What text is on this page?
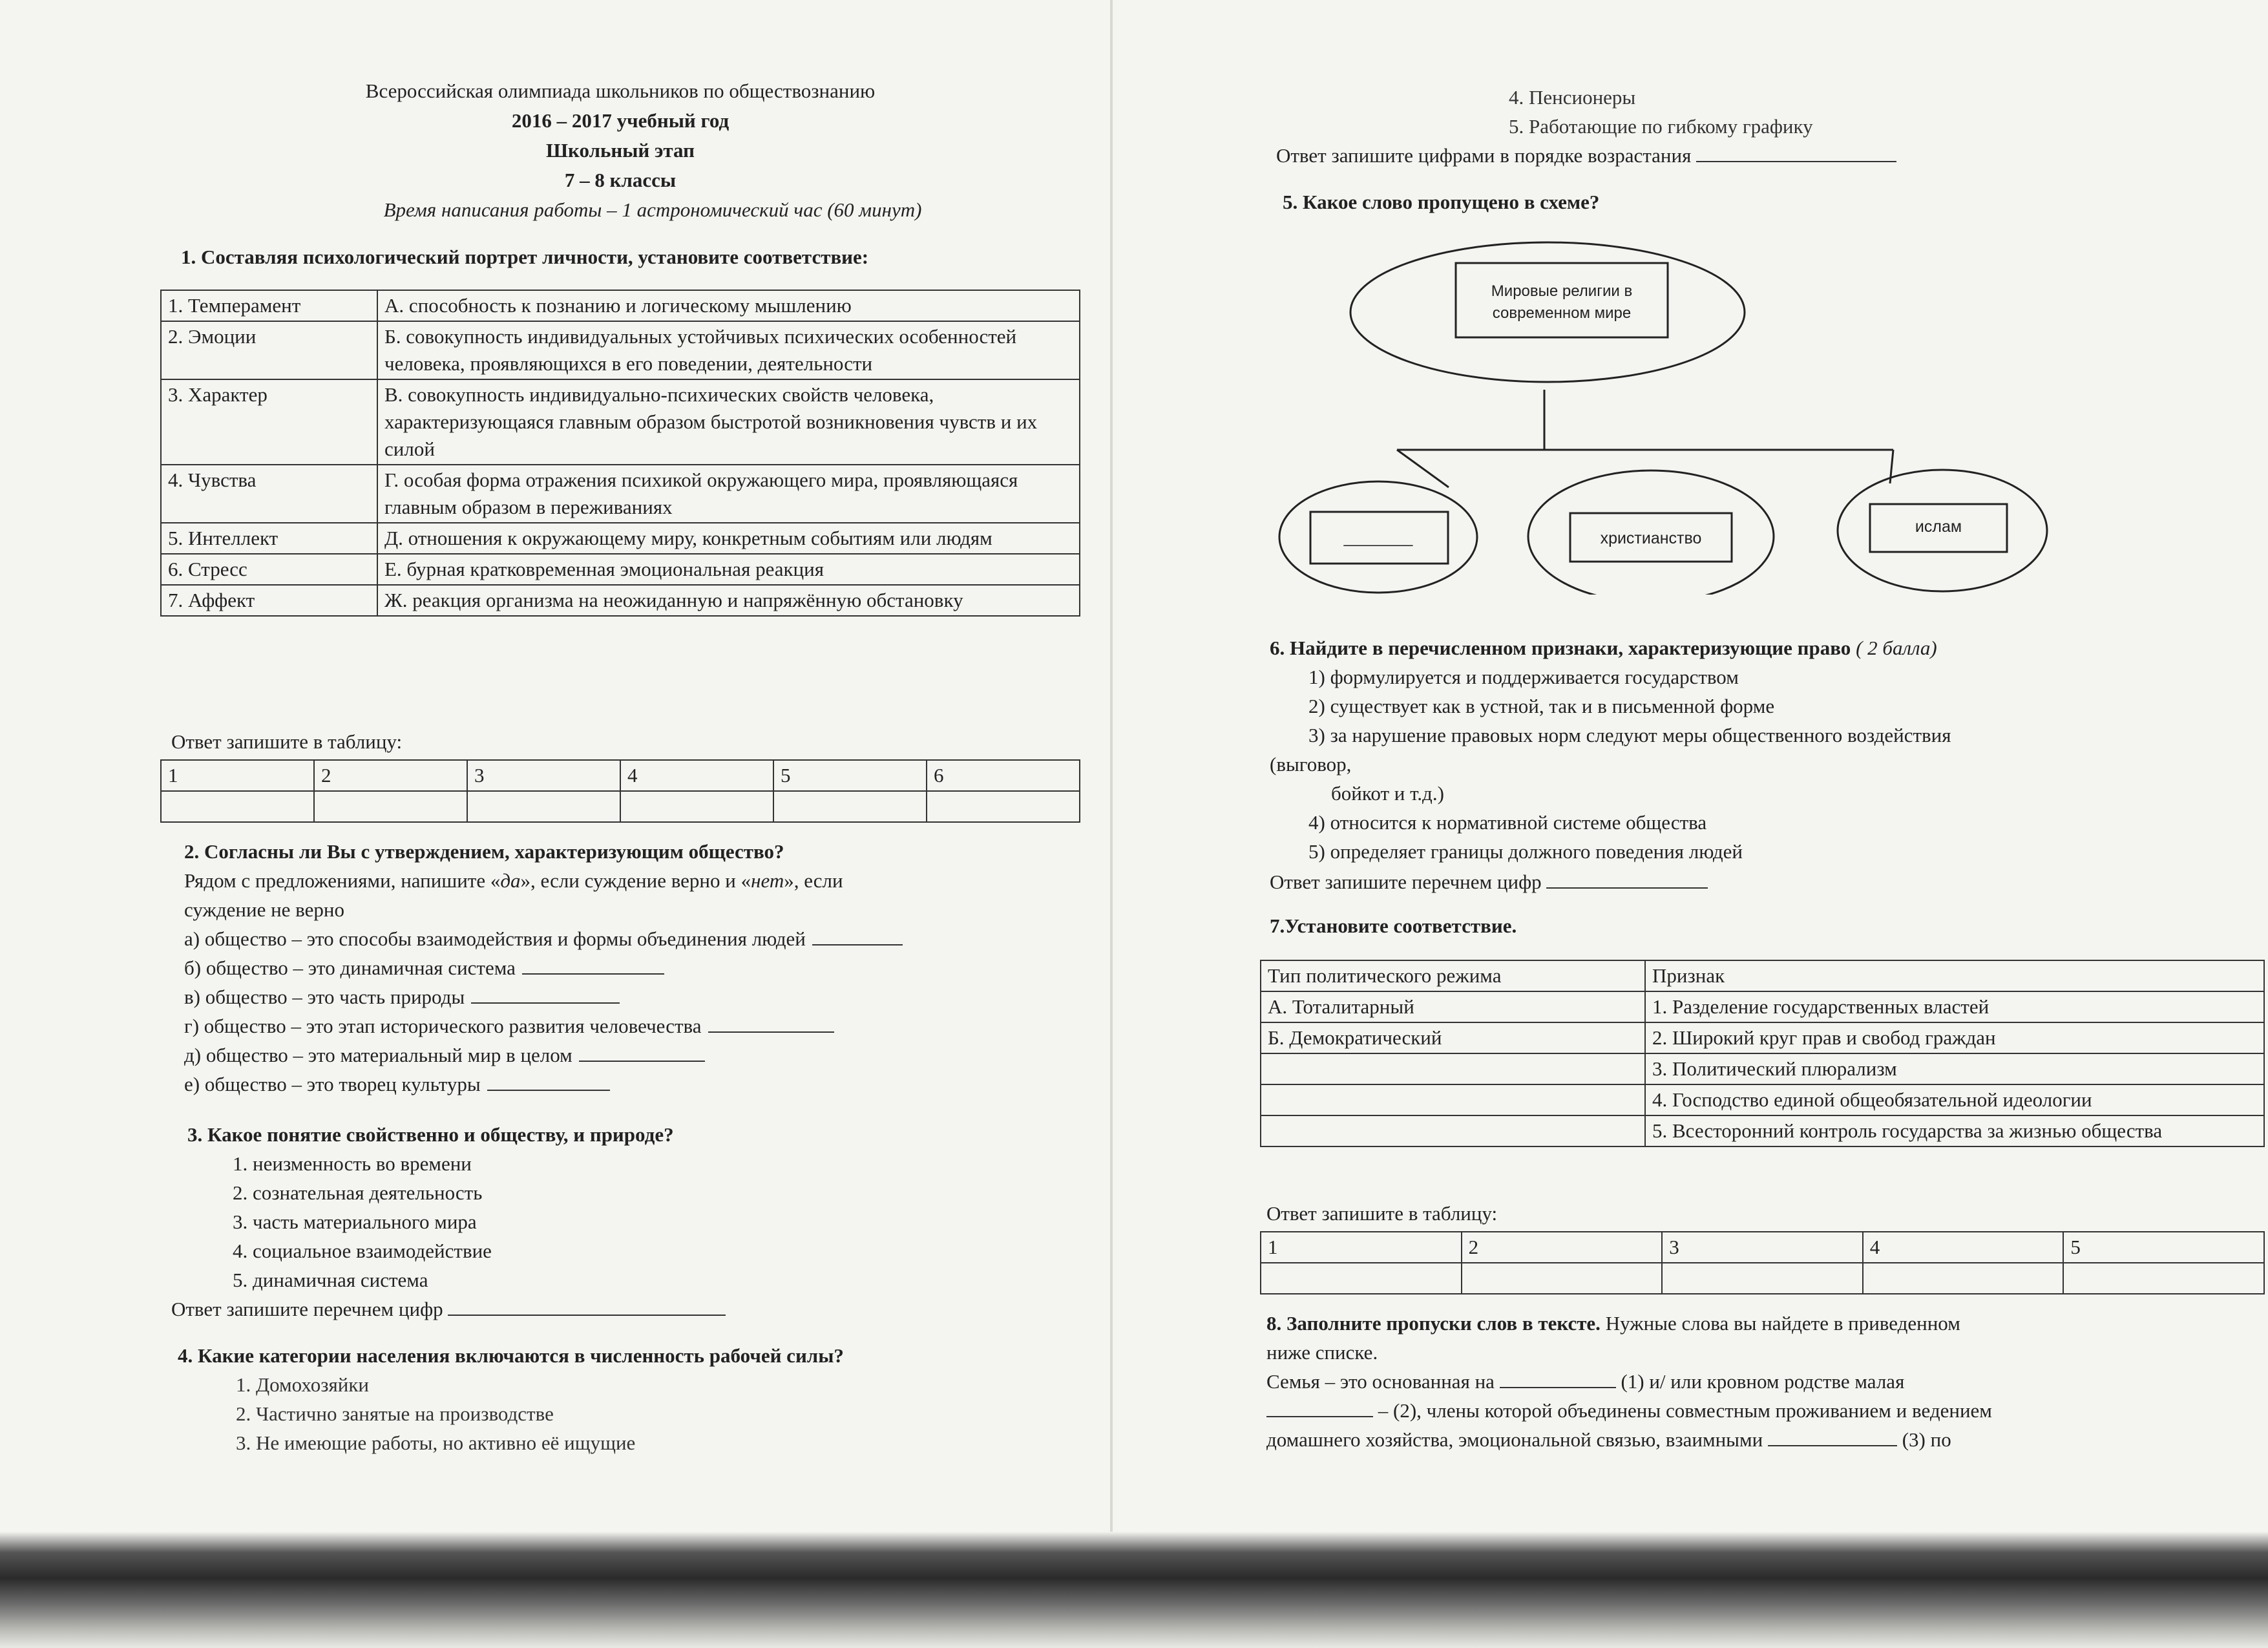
Всероссийская олимпиада школьников по обществознанию
2016 – 2017 учебный год
Школьный этап
7 – 8 классы
Время написания работы – 1 астрономический час (60 минут)
1. Составляя психологический портрет личности, установите соответствие:
1. Темперамент	А. способность к познанию и логическому мышлению
2. Эмоции	Б. совокупность индивидуальных устойчивых психических особенностей человека, проявляющихся в его поведении, деятельности
3. Характер	В. совокупность индивидуально-психических свойств человека, характеризующаяся главным образом быстротой возникновения чувств и их силой
4. Чувства	Г. особая форма отражения психикой окружающего мира, проявляющаяся главным образом в переживаниях
5. Интеллект	Д. отношения к окружающему миру, конкретным событиям или людям
6. Стресс	Е. бурная кратковременная эмоциональная реакция
7. Аффект	Ж. реакция организма на неожиданную и напряжённую обстановку
Ответ запишите в таблицу:
1	2	3	4	5	6

2. Согласны ли Вы с утверждением, характеризующим общество?
Рядом с предложениями, напишите «да», если суждение верно и «нет», если
суждение не верно
а) общество – это способы взаимодействия и формы объединения людей
б) общество – это динамичная система
в) общество – это часть природы
г) общество – это этап исторического развития человечества
д) общество – это материальный мир в целом
е) общество – это творец культуры
3. Какое понятие свойственно и обществу, и природе?
1. неизменность во времени
2. сознательная деятельность
3. часть материального мира
4. социальное взаимодействие
5. динамичная система
Ответ запишите перечнем цифр
4. Какие категории населения включаются в численность рабочей силы?
1. Домохозяйки
2. Частично занятые на производстве
3. Не имеющие работы, но активно её ищущие
4. Пенсионеры
5. Работающие по гибкому графику
Ответ запишите цифрами в порядке возрастания
5. Какое слово пропущено в схеме?
Мировые религии в
современном мире
________	христианство
ислам
6. Найдите в перечисленном признаки, характеризующие право ( 2 балла)
1) формулируется и поддерживается государством
2) существует как в устной, так и в письменной форме
3) за нарушение правовых норм следуют меры общественного воздействия
(выговор,
бойкот и т.д.)
4) относится к нормативной системе общества
5) определяет границы должного поведения людей
Ответ запишите перечнем цифр
7.Установите соответствие.
Тип политического режима	Признак
А. Тоталитарный	1. Разделение государственных властей
Б. Демократический	2. Широкий круг прав и свобод граждан
	3. Политический плюрализм
	4. Господство единой общеобязательной идеологии
	5. Всесторонний контроль государства за жизнью общества
Ответ запишите в таблицу:
1	2	3	4	5

8. Заполните пропуски слов в тексте. Нужные слова вы найдете в приведенном
ниже списке.
Семья – это основанная на	(1) и/ или кровном родстве малая
– (2), члены которой объединены совместным проживанием и ведением
домашнего хозяйства, эмоциональной связью, взаимными	(3) по
